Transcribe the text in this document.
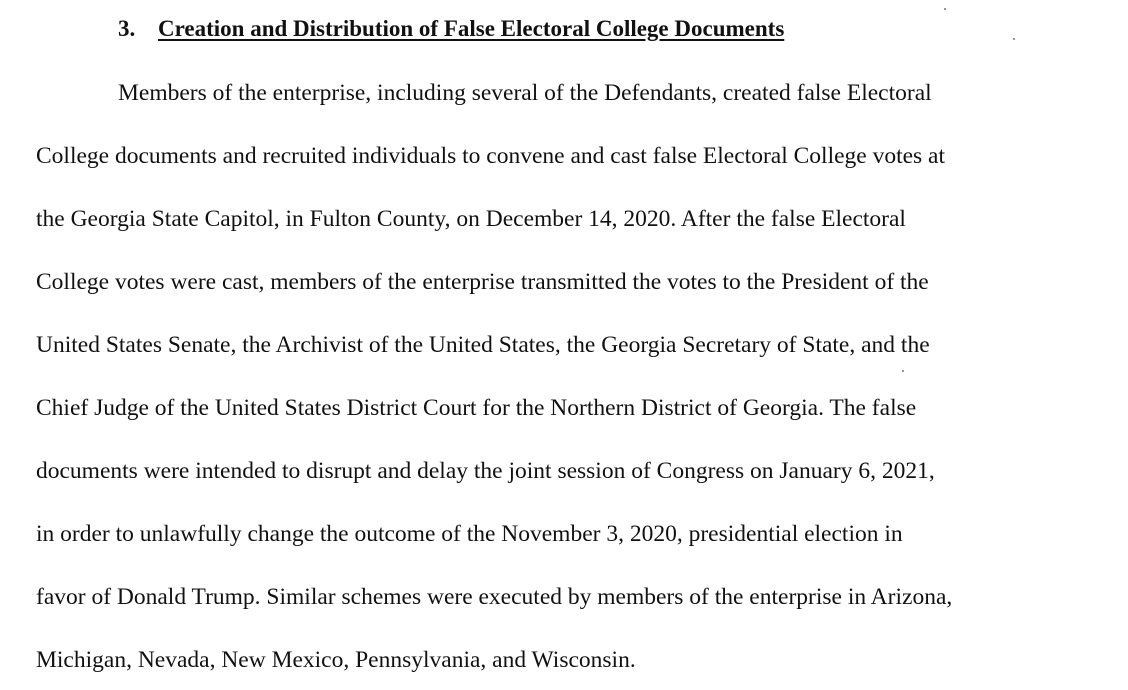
3. Creation and Distribution of False Electoral College Documents
Members of the enterprise, including several of the Defendants, created false Electoral
College documents and recruited individuals to convene and cast false Electoral College votes at
the Georgia State Capitol, in Fulton County, on December 14, 2020. After the false Electoral
College votes were cast, members of the enterprise transmitted the votes to the President of the
United States Senate, the Archivist of the United States, the Georgia Secretary of State, and the
Chief Judge of the United States District Court for the Northern District of Georgia. The false
documents were intended to disrupt and delay the joint session of Congress on January 6, 2021,
in order to unlawfully change the outcome of the November 3, 2020, presidential election in
favor of Donald Trump. Similar schemes were executed by members of the enterprise in Arizona,
Michigan, Nevada, New Mexico, Pennsylvania, and Wisconsin.
